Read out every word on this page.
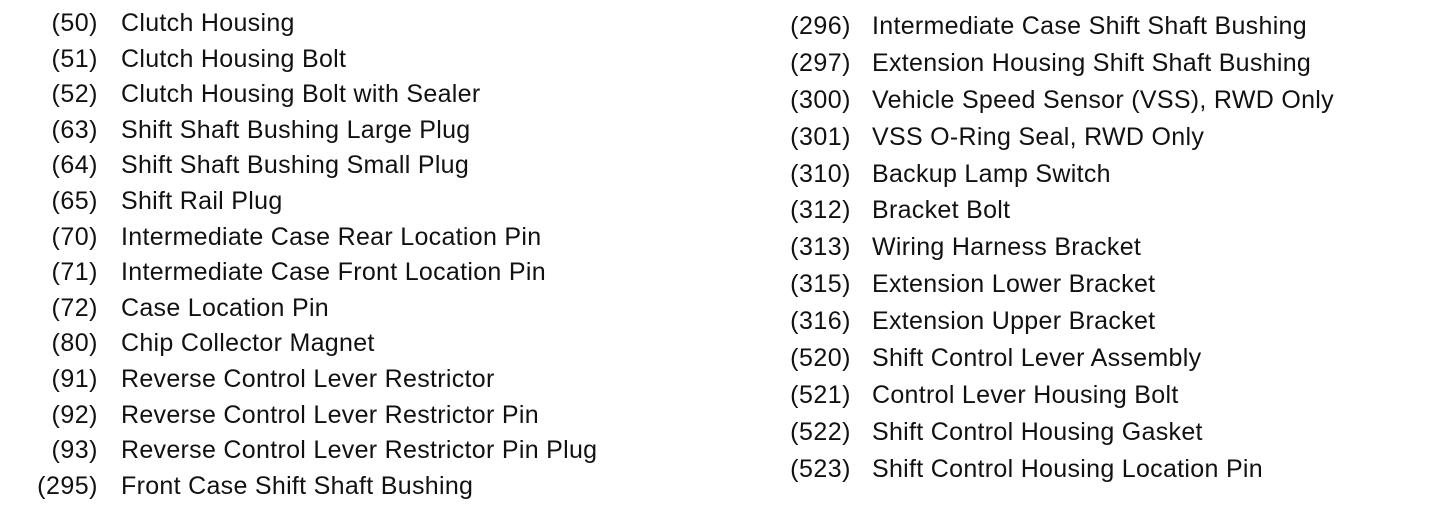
(50) Clutch Housing
(51) Clutch Housing Bolt
(52) Clutch Housing Bolt with Sealer
(63) Shift Shaft Bushing Large Plug
(64) Shift Shaft Bushing Small Plug
(65) Shift Rail Plug
(70) Intermediate Case Rear Location Pin
(71) Intermediate Case Front Location Pin
(72) Case Location Pin
(80) Chip Collector Magnet
(91) Reverse Control Lever Restrictor
(92) Reverse Control Lever Restrictor Pin
(93) Reverse Control Lever Restrictor Pin Plug
(295) Front Case Shift Shaft Bushing
(296) Intermediate Case Shift Shaft Bushing
(297) Extension Housing Shift Shaft Bushing
(300) Vehicle Speed Sensor (VSS), RWD Only
(301) VSS O-Ring Seal, RWD Only
(310) Backup Lamp Switch
(312) Bracket Bolt
(313) Wiring Harness Bracket
(315) Extension Lower Bracket
(316) Extension Upper Bracket
(520) Shift Control Lever Assembly
(521) Control Lever Housing Bolt
(522) Shift Control Housing Gasket
(523) Shift Control Housing Location Pin
